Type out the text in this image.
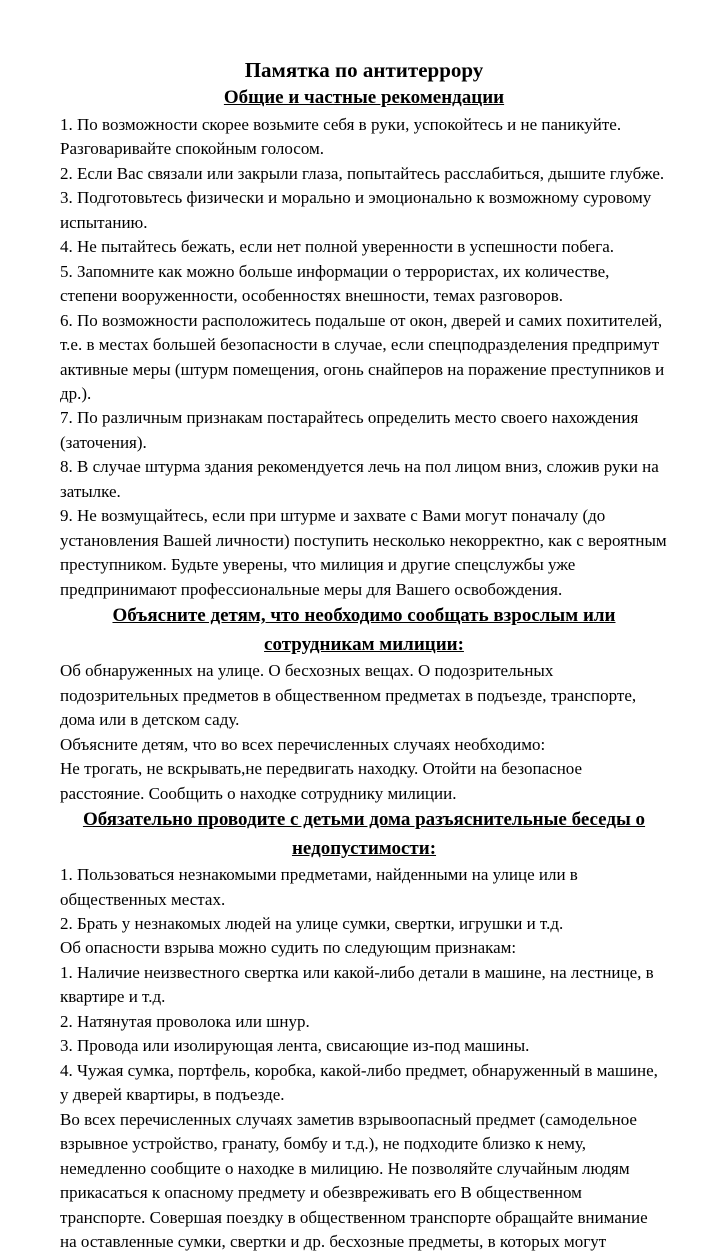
Памятка по антитеррору
Общие и частные рекомендации

1. По возможности скорее возьмите себя в руки, успокойтесь и не паникуйте. Разговаривайте спокойным голосом.

2. Если Вас связали или закрыли глаза, попытайтесь расслабиться, дышите глубже.

3. Подготовьтесь физически и морально и эмоционально к возможному суровому испытанию.

4. Не пытайтесь бежать, если нет полной уверенности в успешности побега.

5. Запомните как можно больше информации о террористах, их количестве, степени вооруженности, особенностях внешности, темах разговоров.

6. По возможности расположитесь подальше от окон, дверей и самих похитителей, т.е. в местах большей безопасности в случае, если спецподразделения предпримут активные меры (штурм помещения, огонь снайперов на поражение преступников и др.).

7. По различным признакам постарайтесь определить место своего нахождения (заточения).

8. В случае штурма здания рекомендуется лечь на пол лицом вниз, сложив руки на затылке.

9. Не возмущайтесь, если при штурме и захвате с Вами могут поначалу (до установления Вашей личности) поступить несколько некорректно, как с вероятным преступником. Будьте уверены, что милиция и другие спецслужбы уже предпринимают профессиональные меры для Вашего освобождения.

Объясните детям, что необходимо сообщать взрослым или сотрудникам милиции:

Об обнаруженных на улице. О бесхозных вещах. О подозрительных подозрительных предметов в общественном предметах в подъезде, транспорте, дома или в детском саду.

Объясните детям, что во всех перечисленных случаях необходимо:

Не трогать, не вскрывать,не передвигать находку. Отойти на безопасное расстояние. Сообщить о находке сотруднику милиции.

Обязательно проводите с детьми дома разъяснительные беседы о недопустимости:

1. Пользоваться незнакомыми предметами, найденными на улице или в общественных местах.

2. Брать у незнакомых людей на улице сумки, свертки, игрушки и т.д.

Об опасности взрыва можно судить по следующим признакам:

1. Наличие неизвестного свертка или какой-либо детали в машине, на лестнице, в квартире и т.д.

2. Натянутая проволока или шнур.

3. Провода или изолирующая лента, свисающие из-под машины.

4. Чужая сумка, портфель, коробка, какой-либо предмет, обнаруженный в машине, у дверей квартиры, в подъезде.

Во всех перечисленных случаях заметив взрывоопасный предмет (самодельное взрывное устройство, гранату, бомбу и т.д.), не подходите близко к нему, немедленно сообщите о находке в милицию. Не позволяйте случайным людям прикасаться к опасному предмету и обезвреживать его В общественном транспорте. Совершая поездку в общественном транспорте обращайте внимание на оставленные сумки, свертки и др. бесхозные предметы, в которых могут
